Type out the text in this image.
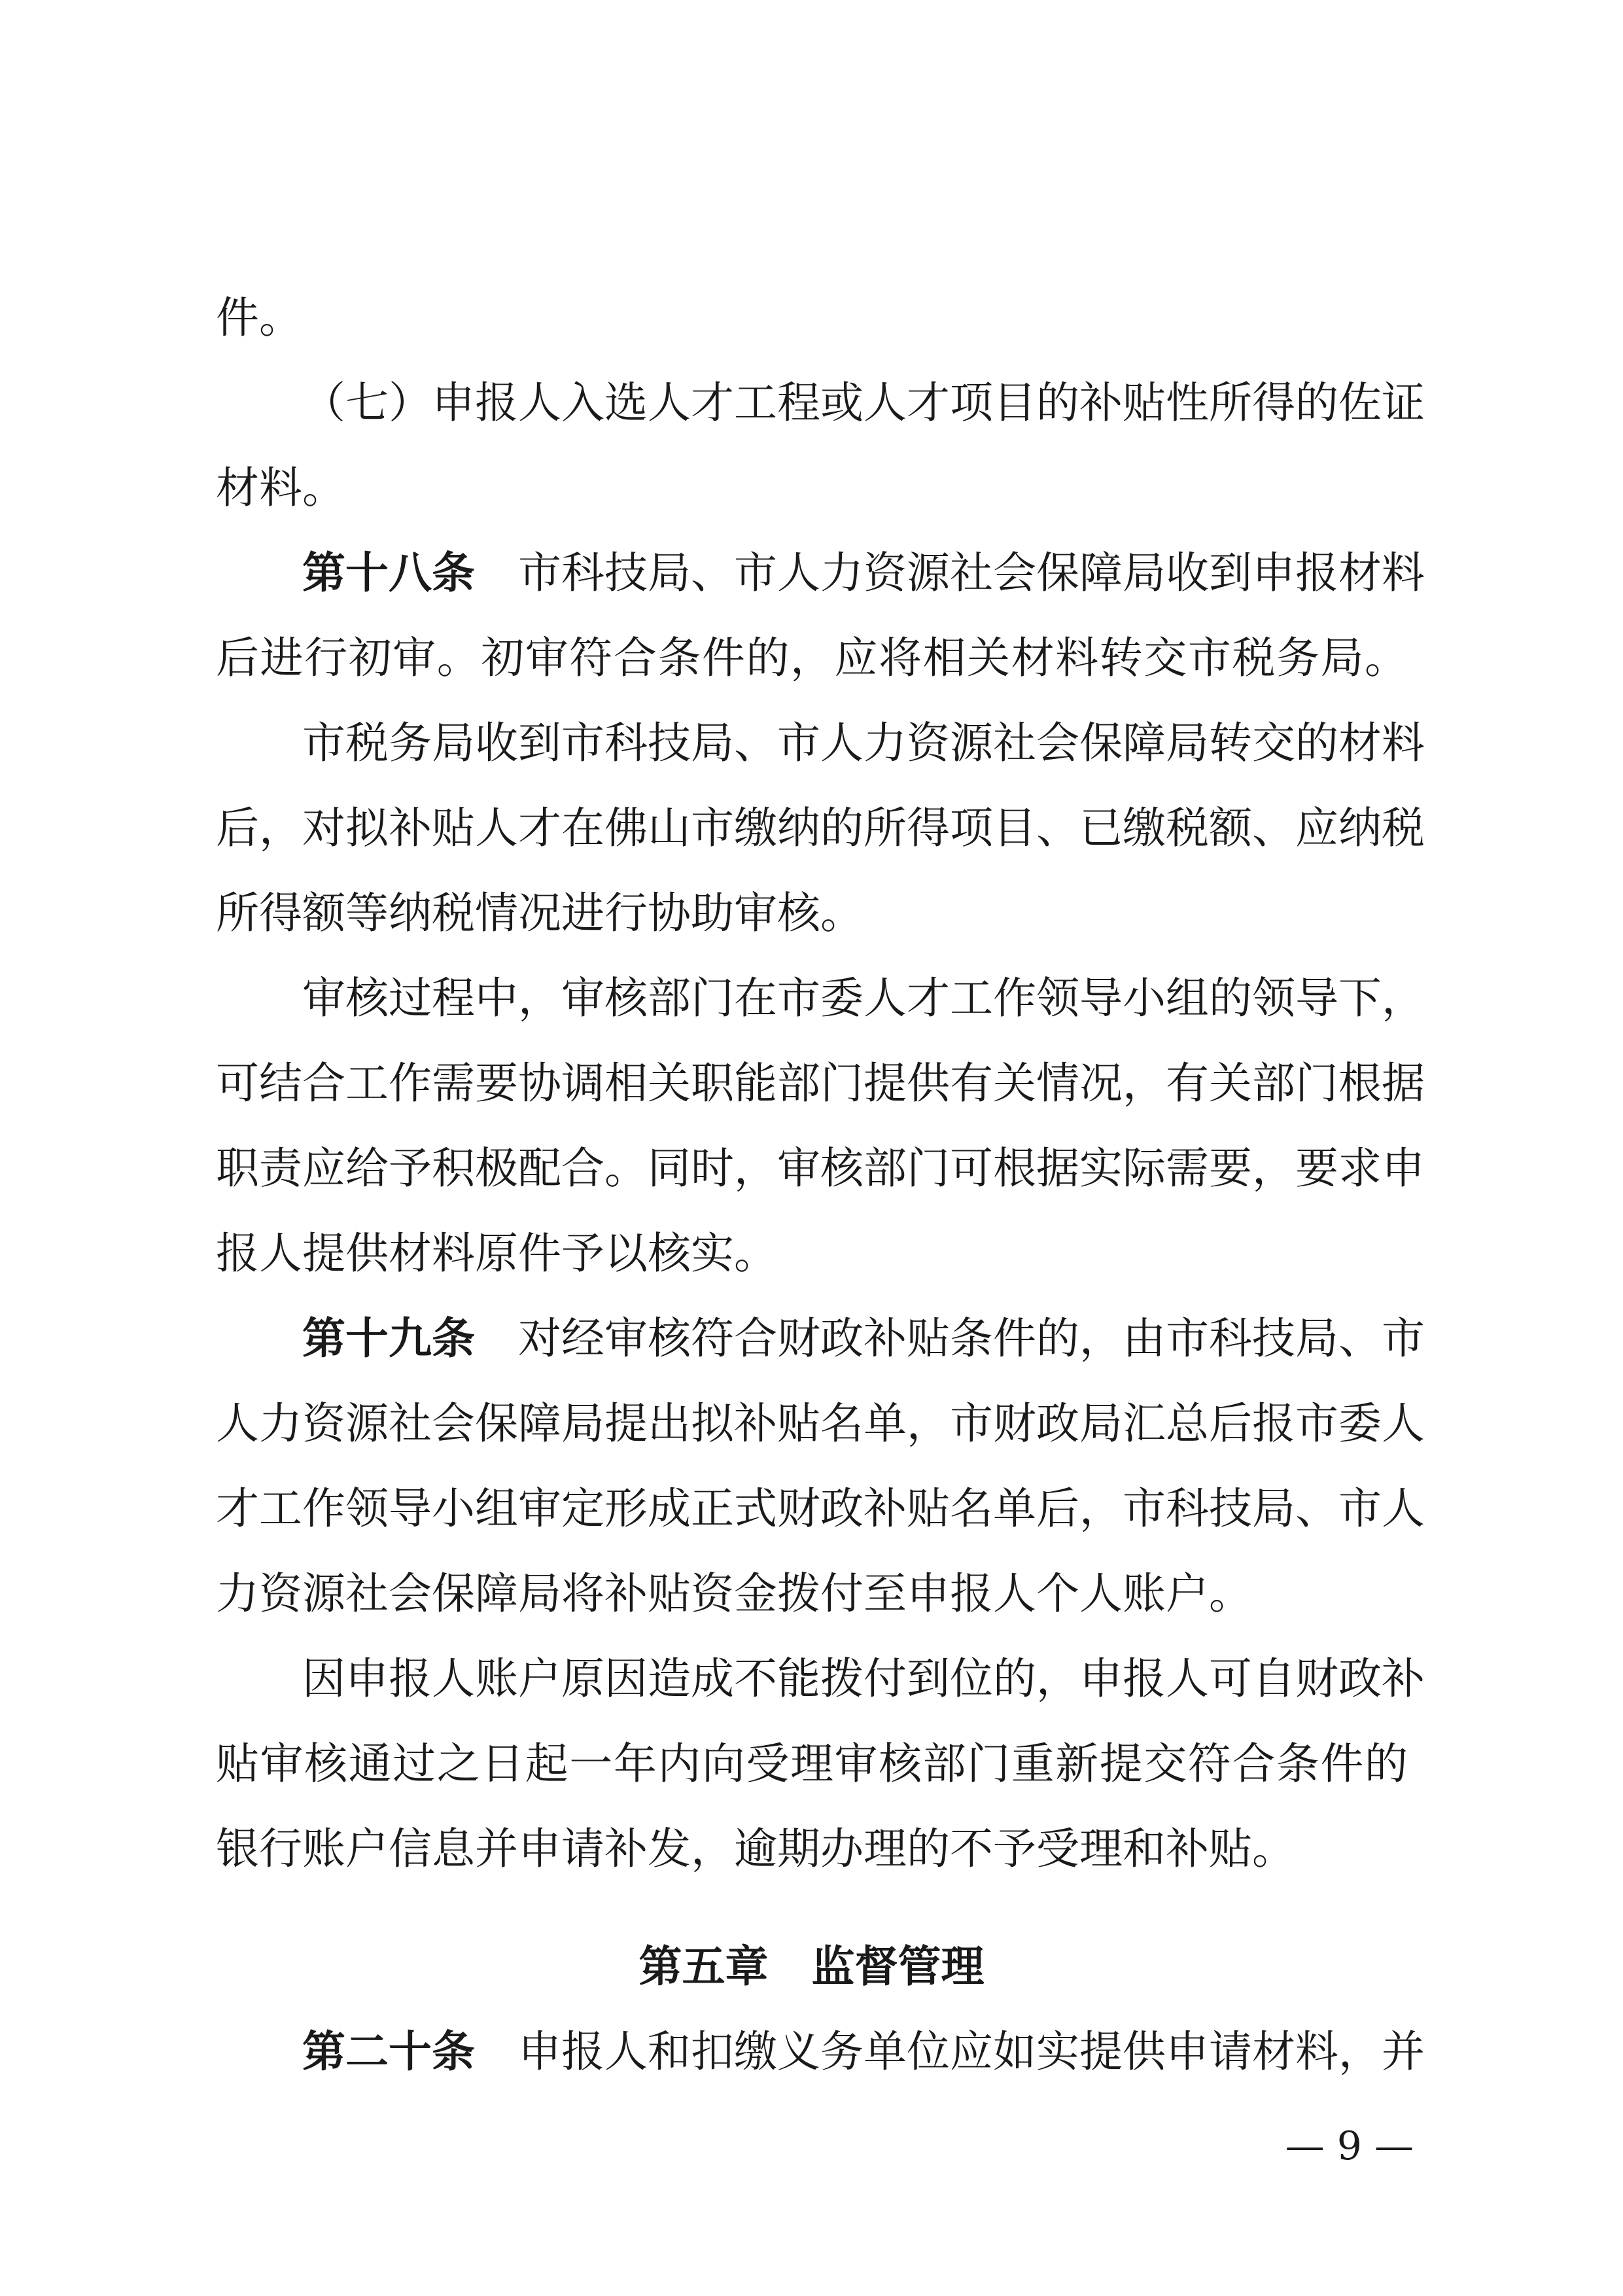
件。
（七）申报人入选人才工程或人才项目的补贴性所得的佐证
材料。
第十八条 市科技局、市人力资源社会保障局收到申报材料
后进行初审。初审符合条件的，应将相关材料转交市税务局。
市税务局收到市科技局、市人力资源社会保障局转交的材料
后，对拟补贴人才在佛山市缴纳的所得项目、已缴税额、应纳税
所得额等纳税情况进行协助审核。
审核过程中，审核部门在市委人才工作领导小组的领导下，
可结合工作需要协调相关职能部门提供有关情况，有关部门根据
职责应给予积极配合。同时，审核部门可根据实际需要，要求申
报人提供材料原件予以核实。
第十九条 对经审核符合财政补贴条件的，由市科技局、市
人力资源社会保障局提出拟补贴名单，市财政局汇总后报市委人
才工作领导小组审定形成正式财政补贴名单后，市科技局、市人
力资源社会保障局将补贴资金拨付至申报人个人账户。
因申报人账户原因造成不能拨付到位的，申报人可自财政补
贴审核通过之日起一年内向受理审核部门重新提交符合条件的
银行账户信息并申请补发，逾期办理的不予受理和补贴。
第五章　监督管理
第二十条 申报人和扣缴义务单位应如实提供申请材料，并
— 9 —
